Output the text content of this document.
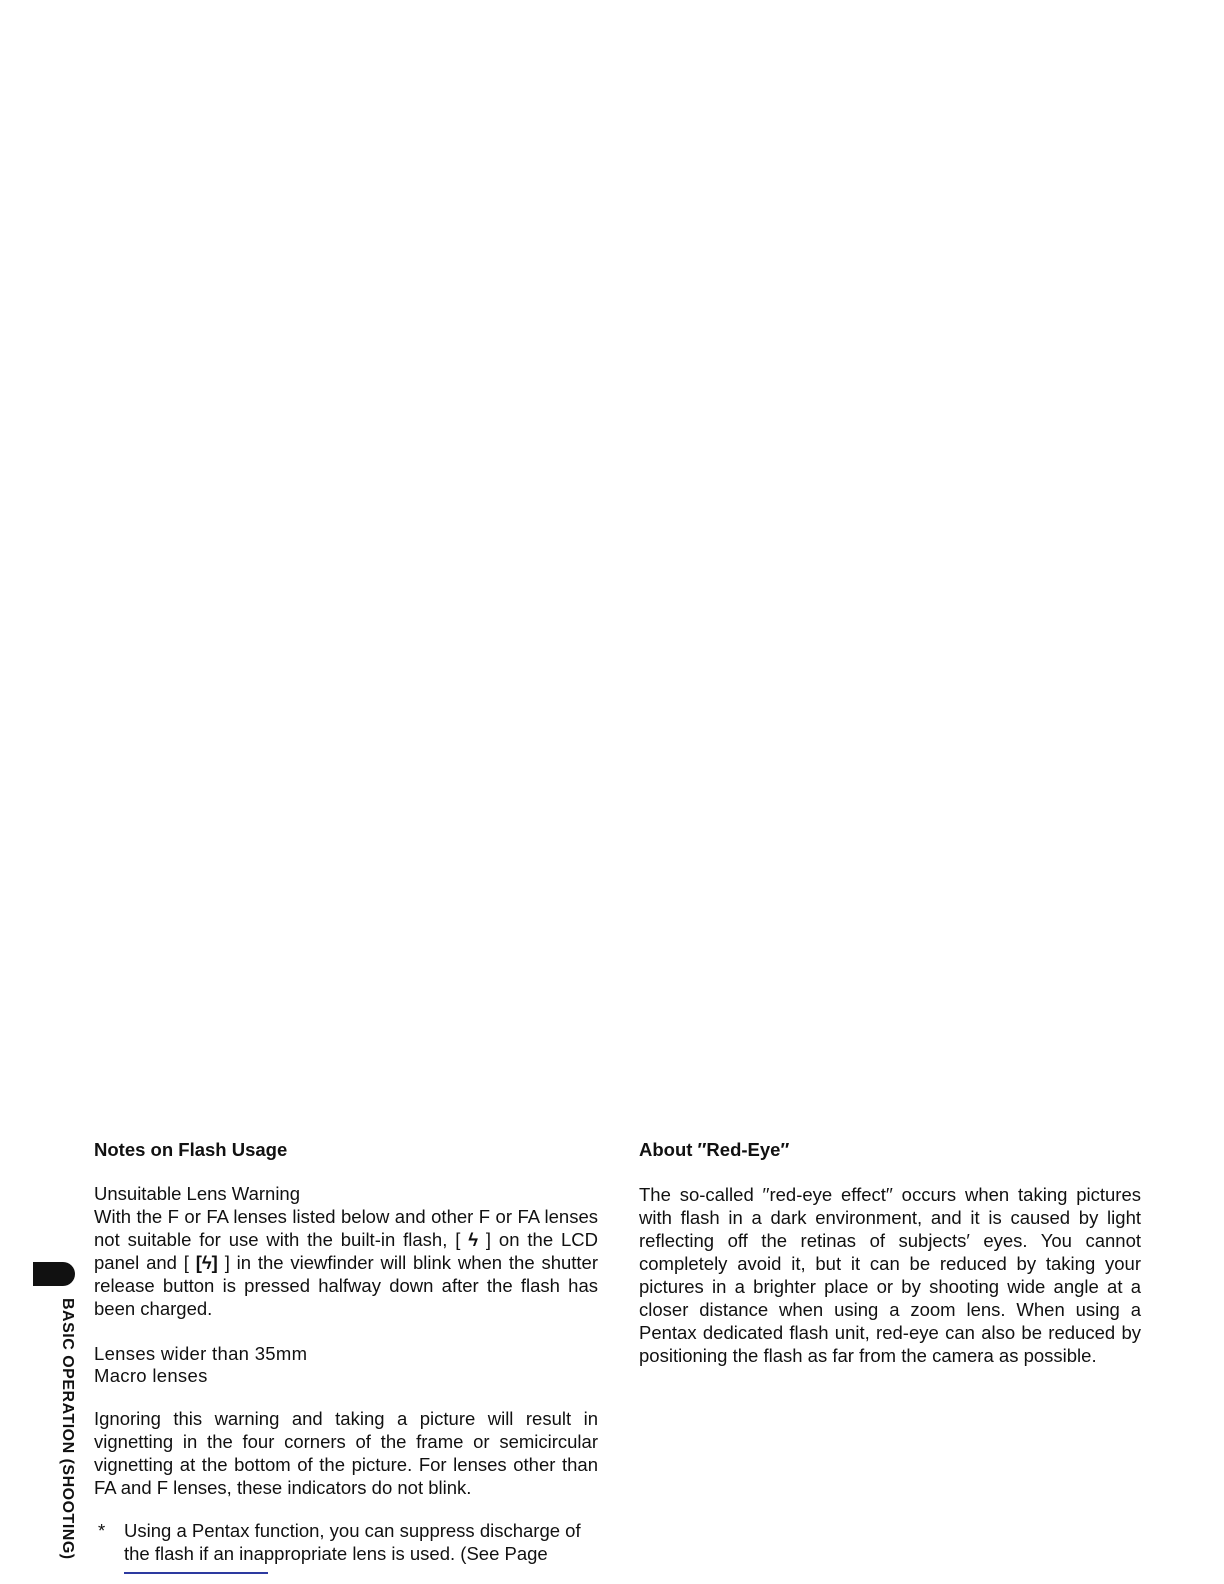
BASIC OPERATION (SHOOTING)
Notes on Flash Usage
Unsuitable Lens Warning

With the F or FA lenses listed below and other F or FA lenses not suitable for use with the built-in flash, [ ϟ ] on the LCD panel and [ [ϟ] ] in the viewfinder will blink when the shutter release button is pressed halfway down after the flash has been charged.

Lenses wider than 35mm
Macro lenses

Ignoring this warning and taking a picture will result in vignetting in the four corners of the frame or semicircular vignetting at the bottom of the picture. For lenses other than FA and F lenses, these indicators do not blink.

*	Using a Pentax function, you can suppress discharge of the flash if an inappropriate lens is used. (See Page
About ′′Red-Eye′′

The so-called ′′red-eye effect′′ occurs when taking pictures with flash in a dark environment, and it is caused by light reflecting off the retinas of subjects′ eyes. You cannot completely avoid it, but it can be reduced by taking your pictures in a brighter place or by shooting wide angle at a closer distance when using a zoom lens. When using a Pentax dedicated flash unit, red-eye can also be reduced by positioning the flash as far from the camera as possible.
